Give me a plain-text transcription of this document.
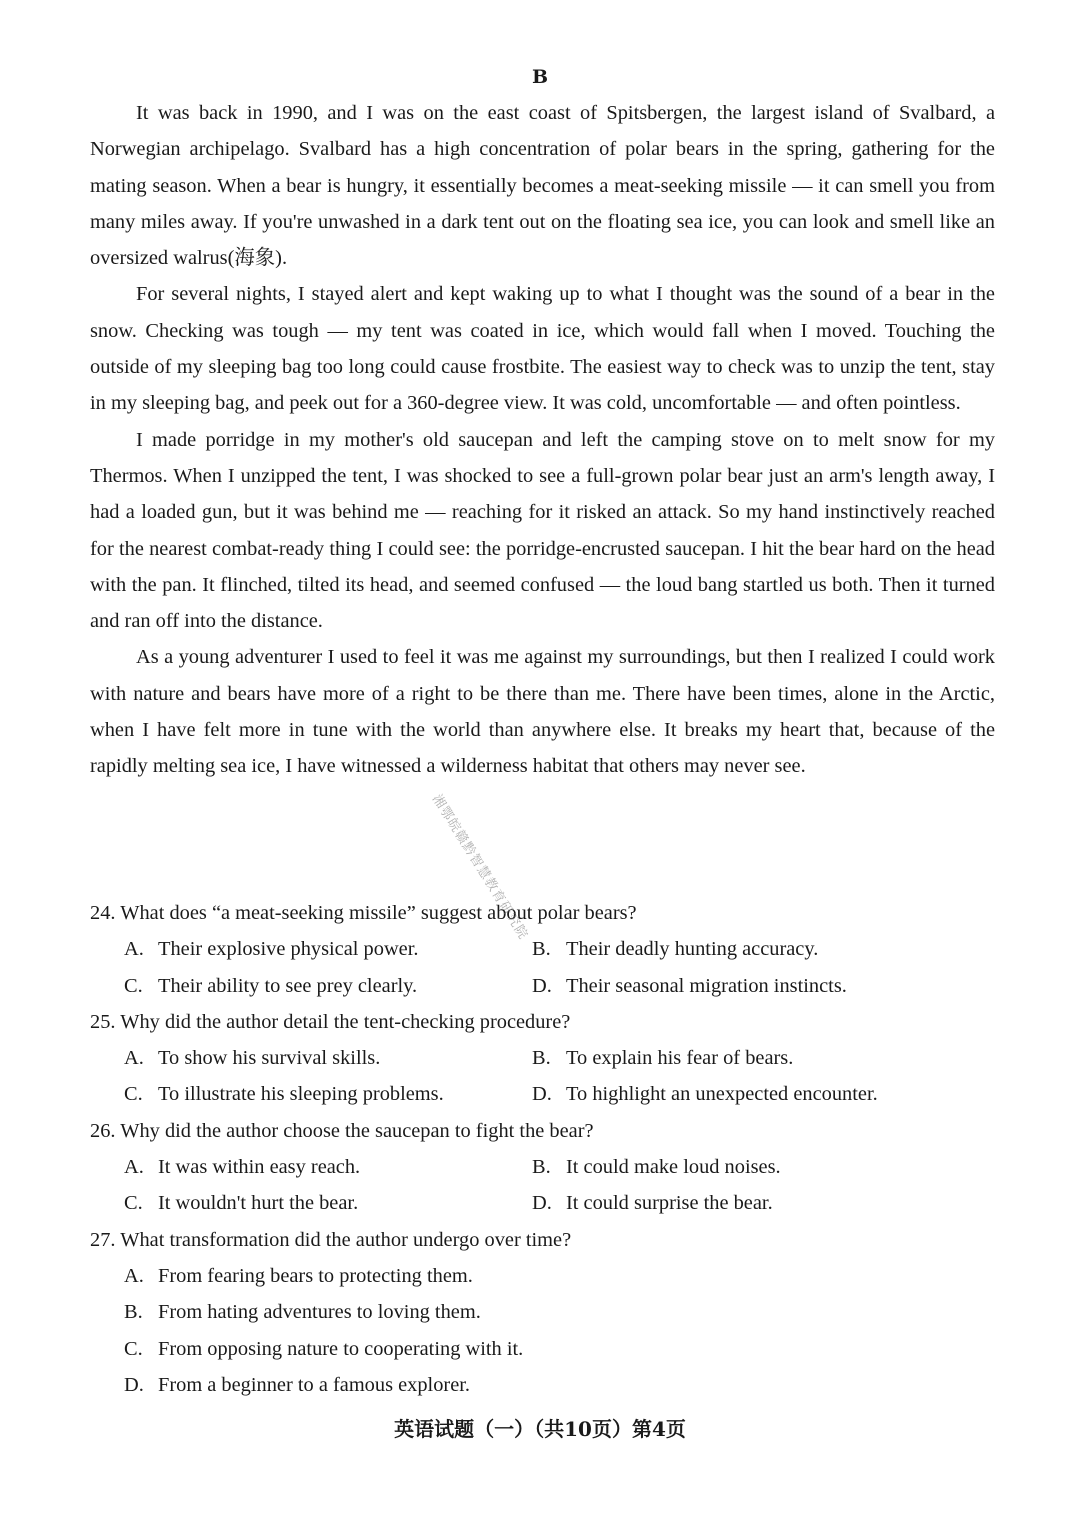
B

It was back in 1990, and I was on the east coast of Spitsbergen, the largest island of Svalbard, a Norwegian archipelago. Svalbard has a high concentration of polar bears in the spring, gathering for the mating season. When a bear is hungry, it essentially becomes a meat-seeking missile — it can smell you from many miles away. If you're unwashed in a dark tent out on the floating sea ice, you can look and smell like an oversized walrus(海象).

For several nights, I stayed alert and kept waking up to what I thought was the sound of a bear in the snow. Checking was tough — my tent was coated in ice, which would fall when I moved. Touching the outside of my sleeping bag too long could cause frostbite. The easiest way to check was to unzip the tent, stay in my sleeping bag, and peek out for a 360-degree view. It was cold, uncomfortable — and often pointless.

I made porridge in my mother's old saucepan and left the camping stove on to melt snow for my Thermos. When I unzipped the tent, I was shocked to see a full-grown polar bear just an arm's length away, I had a loaded gun, but it was behind me — reaching for it risked an attack. So my hand instinctively reached for the nearest combat-ready thing I could see: the porridge-encrusted saucepan. I hit the bear hard on the head with the pan. It flinched, tilted its head, and seemed confused — the loud bang startled us both. Then it turned and ran off into the distance.

As a young adventurer I used to feel it was me against my surroundings, but then I realized I could work with nature and bears have more of a right to be there than me. There have been times, alone in the Arctic, when I have felt more in tune with the world than anywhere else. It breaks my heart that, because of the rapidly melting sea ice, I have witnessed a wilderness habitat that others may never see.

24. What does “a meat-seeking missile” suggest about polar bears?

A. Their explosive physical power.	B. Their deadly hunting accuracy.
C. Their ability to see prey clearly.	D. Their seasonal migration instincts.

25. Why did the author detail the tent-checking procedure?

A. To show his survival skills.	B. To explain his fear of bears.
C. To illustrate his sleeping problems.	D. To highlight an unexpected encounter.

26. Why did the author choose the saucepan to fight the bear?

A. It was within easy reach.	B. It could make loud noises.
C. It wouldn't hurt the bear.	D. It could surprise the bear.

27. What transformation did the author undergo over time?

A. From fearing bears to protecting them.
B. From hating adventures to loving them.
C. From opposing nature to cooperating with it.
D. From a beginner to a famous explorer.
湘鄂皖赣黔智慧教育研究院
英语试题（一）（共10页）第4页
